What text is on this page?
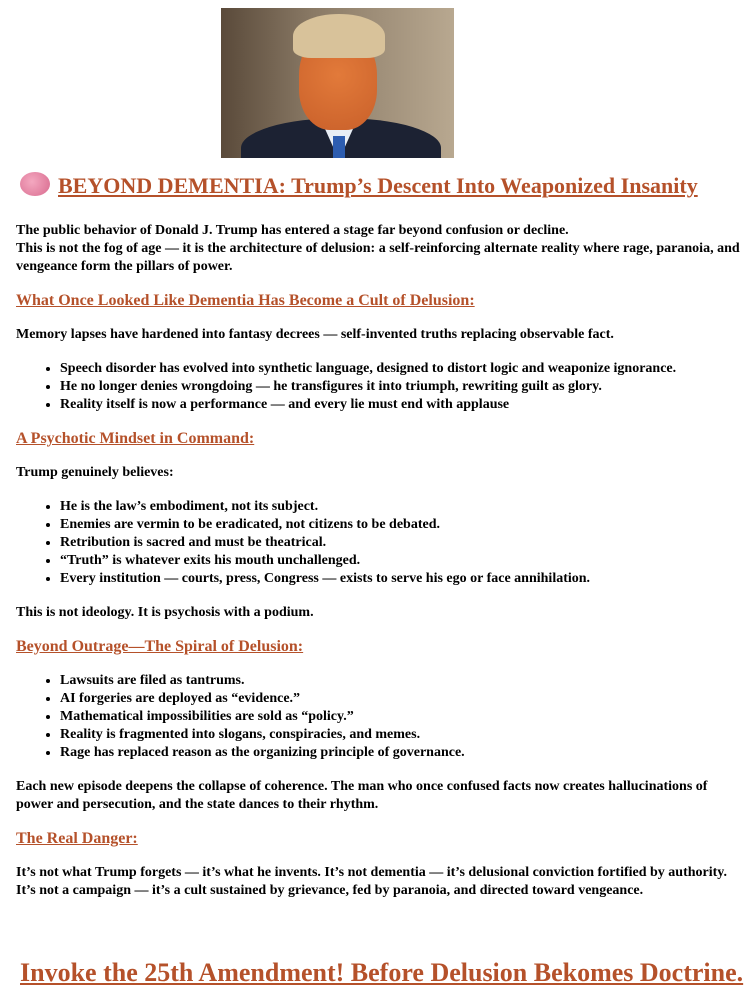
BEYOND DEMENTIA: Trump’s Descent Into Weaponized Insanity

The public behavior of Donald J. Trump has entered a stage far beyond confusion or decline.
This is not the fog of age — it is the architecture of delusion: a self-reinforcing alternate reality where rage, paranoia, and vengeance form the pillars of power.

What Once Looked Like Dementia Has Become a Cult of Delusion:

Memory lapses have hardened into fantasy decrees — self-invented truths replacing observable fact.

• Speech disorder has evolved into synthetic language, designed to distort logic and weaponize ignorance.
• He no longer denies wrongdoing — he transfigures it into triumph, rewriting guilt as glory.
• Reality itself is now a performance — and every lie must end with applause
A Psychotic Mindset in Command:

Trump genuinely believes:

• He is the law’s embodiment, not its subject.
• Enemies are vermin to be eradicated, not citizens to be debated.
• Retribution is sacred and must be theatrical.
• “Truth” is whatever exits his mouth unchallenged.
• Every institution — courts, press, Congress — exists to serve his ego or face annihilation.

This is not ideology. It is psychosis with a podium.

Beyond Outrage—The Spiral of Delusion:
• Lawsuits are filed as tantrums.
• AI forgeries are deployed as “evidence.”
• Mathematical impossibilities are sold as “policy.”
• Reality is fragmented into slogans, conspiracies, and memes.
• Rage has replaced reason as the organizing principle of governance.

Each new episode deepens the collapse of coherence. The man who once confused facts now creates hallucinations of power and persecution, and the state dances to their rhythm.

The Real Danger:

It’s not what Trump forgets — it’s what he invents. It’s not dementia — it’s delusional conviction fortified by authority. It’s not a campaign — it’s a cult sustained by grievance, fed by paranoia, and directed toward vengeance.

Invoke the 25th Amendment! Before Delusion Bekomes Doctrine.
